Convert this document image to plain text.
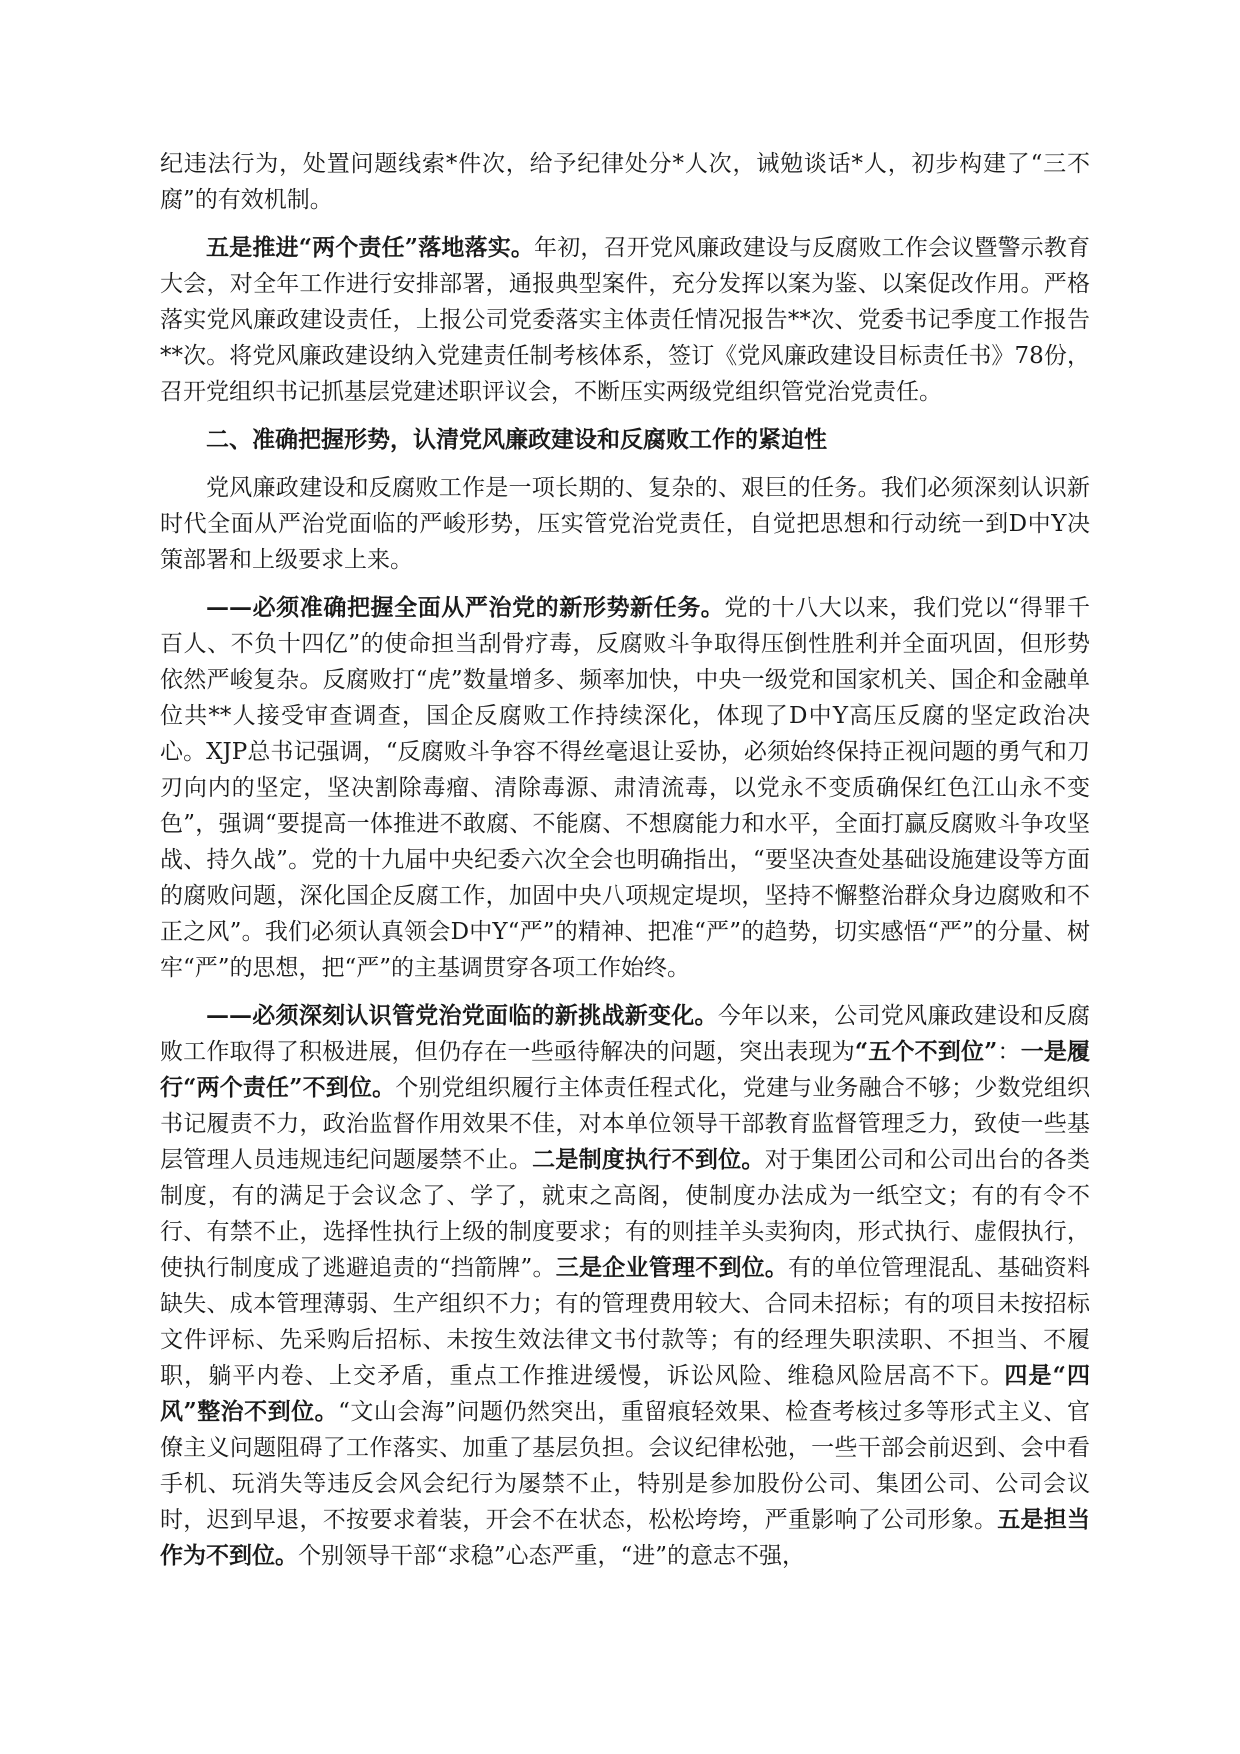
纪违法行为，处置问题线索*件次，给予纪律处分*人次，诫勉谈话*人，初步构建了“三不腐”的有效机制。

五是推进“两个责任”落地落实。年初，召开党风廉政建设与反腐败工作会议暨警示教育大会，对全年工作进行安排部署，通报典型案件，充分发挥以案为鉴、以案促改作用。严格落实党风廉政建设责任，上报公司党委落实主体责任情况报告**次、党委书记季度工作报告**次。将党风廉政建设纳入党建责任制考核体系，签订《党风廉政建设目标责任书》78份，召开党组织书记抓基层党建述职评议会，不断压实两级党组织管党治党责任。

二、准确把握形势，认清党风廉政建设和反腐败工作的紧迫性

党风廉政建设和反腐败工作是一项长期的、复杂的、艰巨的任务。我们必须深刻认识新时代全面从严治党面临的严峻形势，压实管党治党责任，自觉把思想和行动统一到D中Y决策部署和上级要求上来。

——必须准确把握全面从严治党的新形势新任务。党的十八大以来，我们党以“得罪千百人、不负十四亿”的使命担当刮骨疗毒，反腐败斗争取得压倒性胜利并全面巩固，但形势依然严峻复杂。反腐败打“虎”数量增多、频率加快，中央一级党和国家机关、国企和金融单位共**人接受审查调查，国企反腐败工作持续深化，体现了D中Y高压反腐的坚定政治决心。XJP总书记强调，“反腐败斗争容不得丝毫退让妥协，必须始终保持正视问题的勇气和刀刃向内的坚定，坚决割除毒瘤、清除毒源、肃清流毒，以党永不变质确保红色江山永不变色”，强调“要提高一体推进不敢腐、不能腐、不想腐能力和水平，全面打赢反腐败斗争攻坚战、持久战”。党的十九届中央纪委六次全会也明确指出，“要坚决查处基础设施建设等方面的腐败问题，深化国企反腐工作，加固中央八项规定堤坝，坚持不懈整治群众身边腐败和不正之风”。我们必须认真领会D中Y“严”的精神、把准“严”的趋势，切实感悟“严”的分量、树牢“严”的思想，把“严”的主基调贯穿各项工作始终。

——必须深刻认识管党治党面临的新挑战新变化。今年以来，公司党风廉政建设和反腐败工作取得了积极进展，但仍存在一些亟待解决的问题，突出表现为“五个不到位”：一是履行“两个责任”不到位。个别党组织履行主体责任程式化，党建与业务融合不够；少数党组织书记履责不力，政治监督作用效果不佳，对本单位领导干部教育监督管理乏力，致使一些基层管理人员违规违纪问题屡禁不止。二是制度执行不到位。对于集团公司和公司出台的各类制度，有的满足于会议念了、学了，就束之高阁，使制度办法成为一纸空文；有的有令不行、有禁不止，选择性执行上级的制度要求；有的则挂羊头卖狗肉，形式执行、虚假执行，使执行制度成了逃避追责的“挡箭牌”。三是企业管理不到位。有的单位管理混乱、基础资料缺失、成本管理薄弱、生产组织不力；有的管理费用较大、合同未招标；有的项目未按招标文件评标、先采购后招标、未按生效法律文书付款等；有的经理失职渎职、不担当、不履职，躺平内卷、上交矛盾，重点工作推进缓慢，诉讼风险、维稳风险居高不下。四是“四风”整治不到位。“文山会海”问题仍然突出，重留痕轻效果、检查考核过多等形式主义、官僚主义问题阻碍了工作落实、加重了基层负担。会议纪律松弛，一些干部会前迟到、会中看手机、玩消失等违反会风会纪行为屡禁不止，特别是参加股份公司、集团公司、公司会议时，迟到早退，不按要求着装，开会不在状态，松松垮垮，严重影响了公司形象。五是担当作为不到位。个别领导干部“求稳”心态严重，“进”的意志不强，
